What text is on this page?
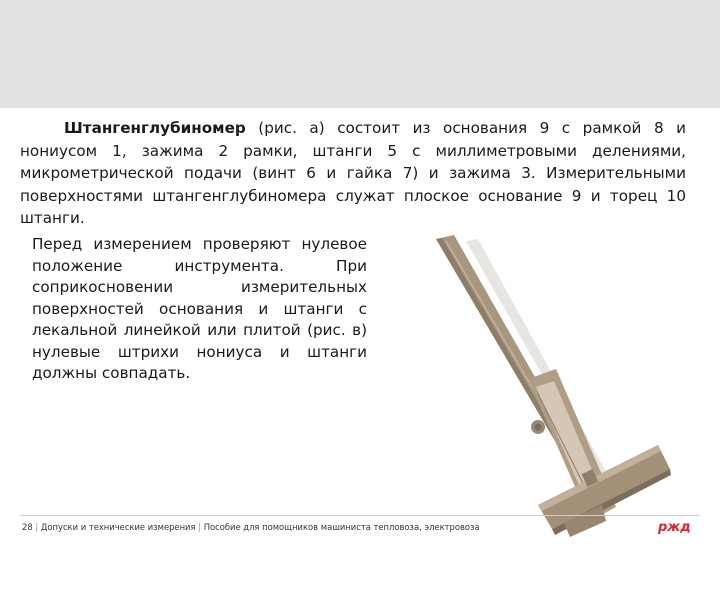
Штангенглубиномер (рис. а) состоит из основания 9 с рамкой 8 и нониусом 1, зажима 2 рамки, штанги 5 с миллиметровыми делениями, микрометрической подачи (винт 6 и гайка 7) и зажима 3. Измерительными поверхностями штангенглубиномера служат плоское основание 9 и торец 10 штанги.

Перед измерением проверяют нулевое положение инструмента. При соприкосновении измерительных поверхностей основания и штанги с лекальной линейкой или плитой (рис. в) нулевые штрихи нониуса и штанги должны совпадать.

28 | Допуски и технические измерения | Пособие для помощников машиниста тепловоза, электровоза	ржд
